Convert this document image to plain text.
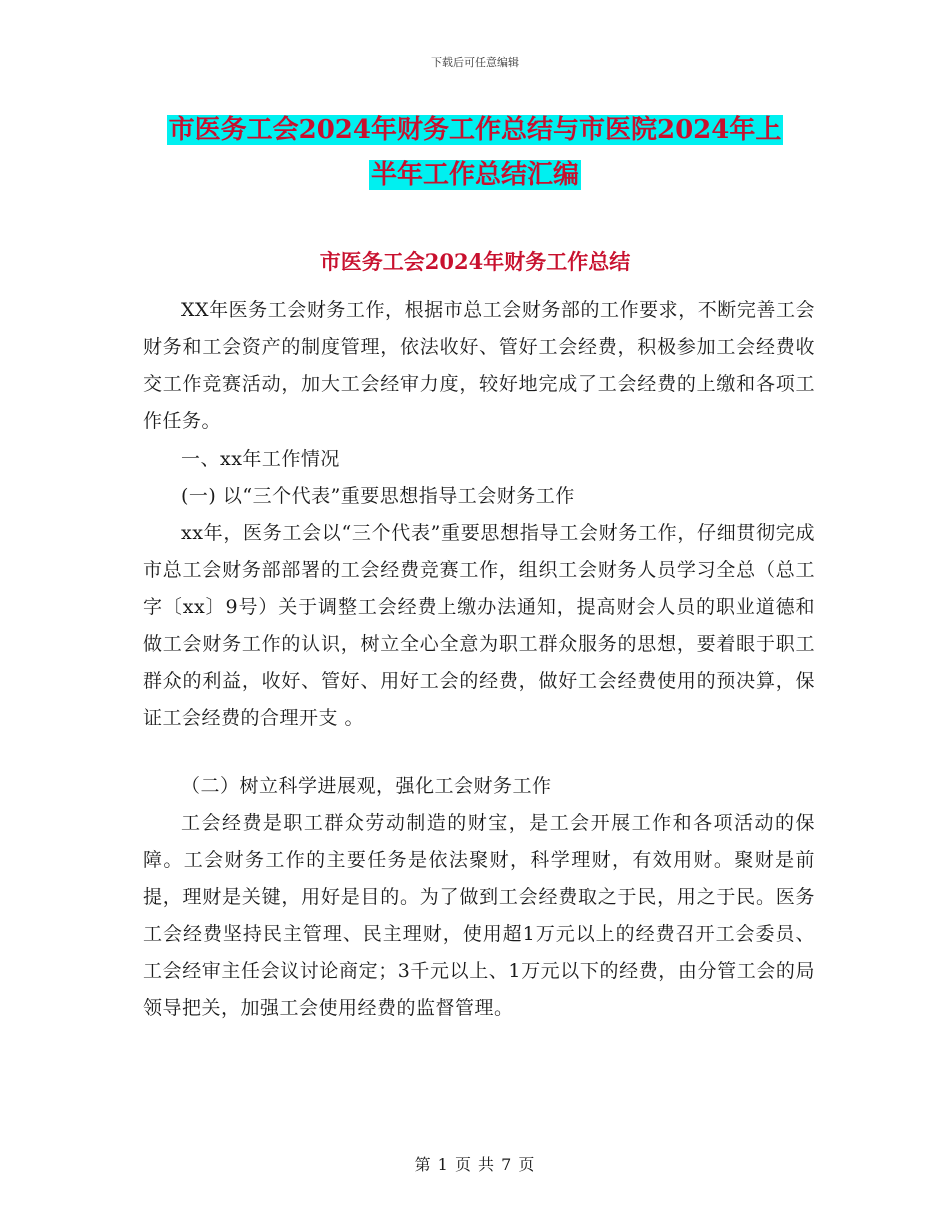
下载后可任意编辑
市医务工会2024年财务工作总结与市医院2024年上
半年工作总结汇编
市医务工会2024年财务工作总结

XX年医务工会财务工作，根据市总工会财务部的工作要求，不断完善工会财务和工会资产的制度管理，依法收好、管好工会经费，积极参加工会经费收交工作竞赛活动，加大工会经审力度，较好地完成了工会经费的上缴和各项工作任务。

一、xx年工作情况

(一) 以“三个代表”重要思想指导工会财务工作

xx年，医务工会以“三个代表”重要思想指导工会财务工作，仔细贯彻完成市总工会财务部部署的工会经费竞赛工作，组织工会财务人员学习全总（总工字〔xx〕9号）关于调整工会经费上缴办法通知，提高财会人员的职业道德和做工会财务工作的认识，树立全心全意为职工群众服务的思想，要着眼于职工群众的利益，收好、管好、用好工会的经费，做好工会经费使用的预决算，保证工会经费的合理开支 。

（二）树立科学进展观，强化工会财务工作

工会经费是职工群众劳动制造的财宝，是工会开展工作和各项活动的保障。工会财务工作的主要任务是依法聚财，科学理财，有效用财。聚财是前提，理财是关键，用好是目的。为了做到工会经费取之于民，用之于民。医务工会经费坚持民主管理、民主理财，使用超1万元以上的经费召开工会委员、工会经审主任会议讨论商定；3千元以上、1万元以下的经费，由分管工会的局领导把关，加强工会使用经费的监督管理。

第 1 页 共 7 页
